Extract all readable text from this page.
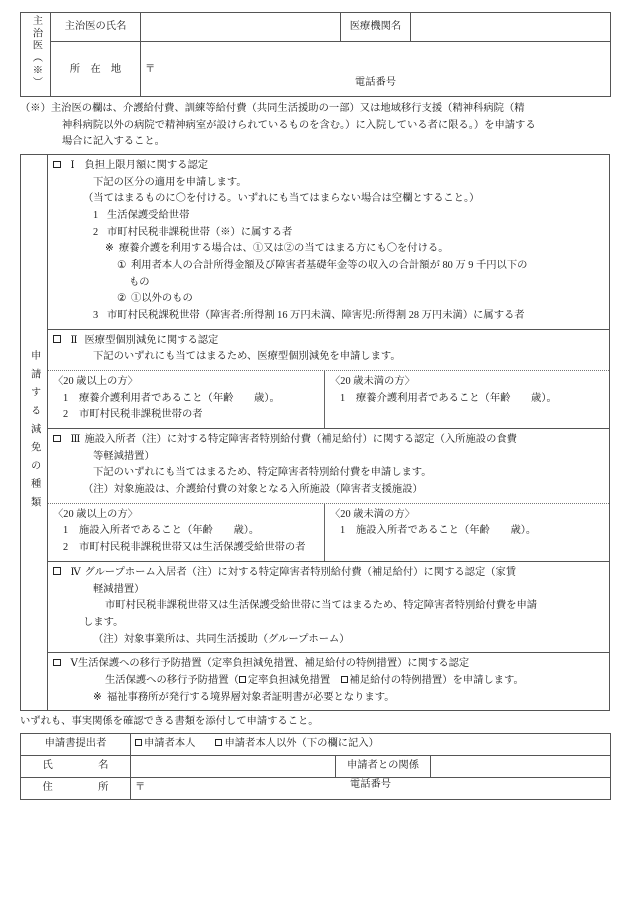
主治医（※）	主治医の氏名		医療機関名	
	所　在　地	〒
電話番号		
（※）主治医の欄は、介護給付費、訓練等給付費（共同生活援助の一部）又は地域移行支援（精神科病院（精
神科病院以外の病院で精神病室が設けられているものを含む。）に入院している者に限る。）を申請する
場合に記入すること。
申請する減免の種類
Ⅰ 負担上限月額に関する認定
下記の区分の適用を申請します。
（当てはまるものに〇を付ける。いずれにも当てはまらない場合は空欄とすること。）
1 生活保護受給世帯
2 市町村民税非課税世帯（※）に属する者
※ 療養介護を利用する場合は、①又は②の当てはまる方にも〇を付ける。
① 利用者本人の合計所得金額及び障害者基礎年金等の収入の合計額が 80 万 9 千円以下の
もの
② ①以外のもの
3 市町村民税課税世帯（障害者:所得割 16 万円未満、障害児:所得割 28 万円未満）に属する者
Ⅱ 医療型個別減免に関する認定
下記のいずれにも当てはまるため、医療型個別減免を申請します。
〈20 歳以上の方〉
1 療養介護利用者であること（年齢　　歳）。
2 市町村民税非課税世帯の者
〈20 歳未満の方〉
1 療養介護利用者であること（年齢　　歳）。
Ⅲ 施設入所者（注）に対する特定障害者特別給付費（補足給付）に関する認定（入所施設の食費
等軽減措置）
下記のいずれにも当てはまるため、特定障害者特別給付費を申請します。
（注）対象施設は、介護給付費の対象となる入所施設（障害者支援施設）
〈20 歳以上の方〉
1 施設入所者であること（年齢　　歳）。
2 市町村民税非課税世帯又は生活保護受給世帯の者
〈20 歳未満の方〉
1 施設入所者であること（年齢　　歳）。
Ⅳ グループホーム入居者（注）に対する特定障害者特別給付費（補足給付）に関する認定（家賃
軽減措置）
市町村民税非課税世帯又は生活保護受給世帯に当てはまるため、特定障害者特別給付費を申請
します。
（注）対象事業所は、共同生活援助（グループホーム）
Ⅴ生活保護への移行予防措置（定率負担減免措置、補足給付の特例措置）に関する認定
生活保護への移行予防措置（ 定率負担減免措置　補足給付の特例措置）を申請します。
※ 福祉事務所が発行する境界層対象者証明書が必要となります。
いずれも、事実関係を確認できる書類を添付して申請すること。
申請書提出者	申請者本人 申請者本人以外（下の欄に記入）		
氏　　　名		申請者との関係	
住　　　所	〒 電話番号		
